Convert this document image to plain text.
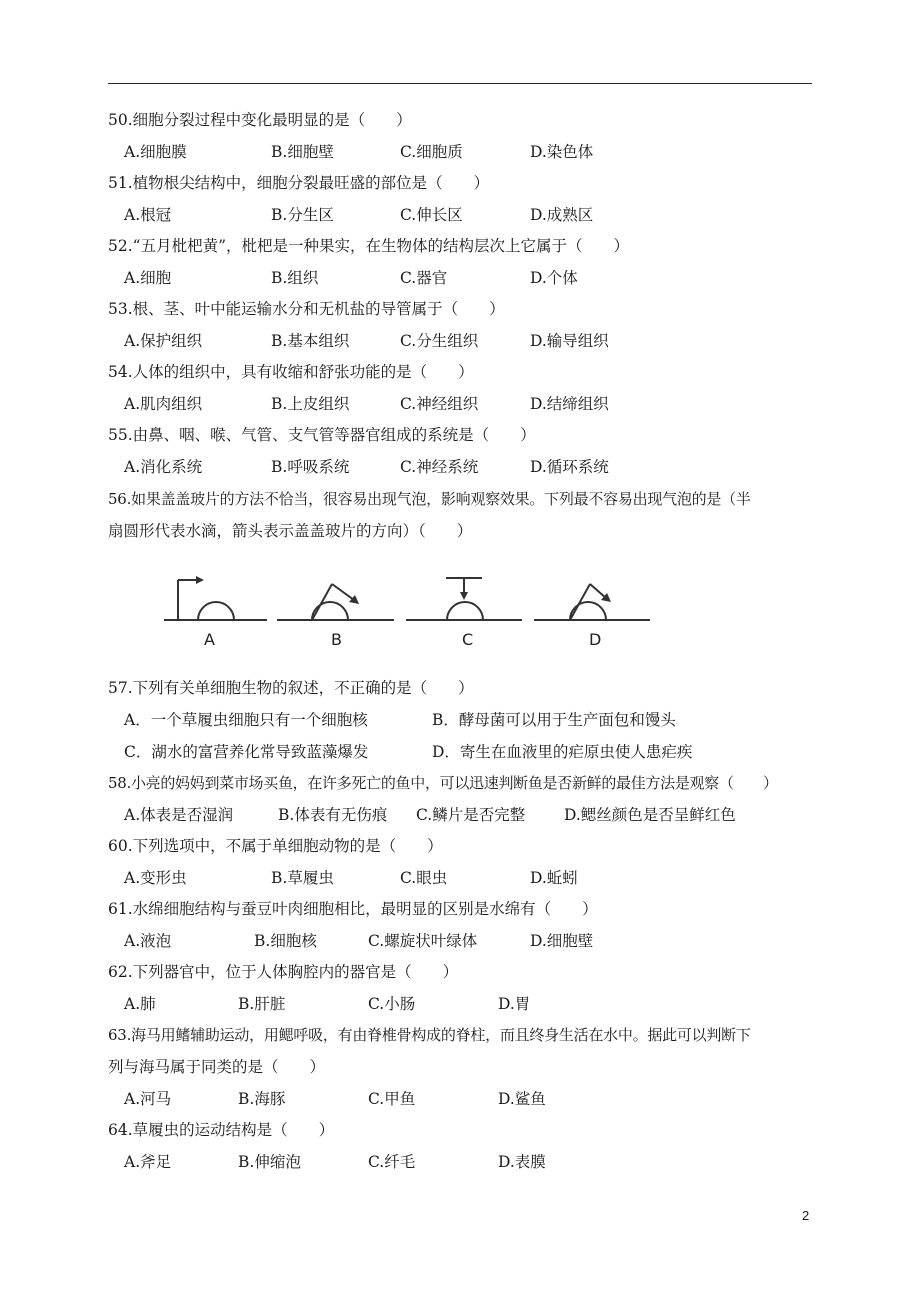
50.细胞分裂过程中变化最明显的是（　　）
A.细胞膜	B.细胞壁	C.细胞质	D.染色体
51.植物根尖结构中，细胞分裂最旺盛的部位是（　　）
A.根冠	B.分生区	C.伸长区	D.成熟区
52.“五月枇杷黄”，枇杷是一种果实，在生物体的结构层次上它属于（　　）
A.细胞	B.组织	C.器官	D.个体
53.根、茎、叶中能运输水分和无机盐的导管属于（　　）
A.保护组织	B.基本组织	C.分生组织	D.输导组织
54.人体的组织中，具有收缩和舒张功能的是（　　）
A.肌肉组织	B.上皮组织	C.神经组织	D.结缔组织
55.由鼻、咽、喉、气管、支气管等器官组成的系统是（　　）
A.消化系统	B.呼吸系统	C.神经系统	D.循环系统
56.如果盖盖玻片的方法不恰当，很容易出现气泡，影响观察效果。下列最不容易出现气泡的是（半
扇圆形代表水滴，箭头表示盖盖玻片的方向）（　　）
A	B	C	D
57.下列有关单细胞生物的叙述，不正确的是（　　）
A．一个草履虫细胞只有一个细胞核	B．酵母菌可以用于生产面包和馒头
C．湖水的富营养化常导致蓝藻爆发	D．寄生在血液里的疟原虫使人患疟疾
58.小亮的妈妈到菜市场买鱼，在许多死亡的鱼中，可以迅速判断鱼是否新鲜的最佳方法是观察（　　）
A.体表是否湿润	B.体表有无伤痕 C.鳞片是否完整	D.鳃丝颜色是否呈鲜红色
60.下列选项中，不属于单细胞动物的是（　　）
A.变形虫	B.草履虫	C.眼虫	D.蚯蚓
61.水绵细胞结构与蚕豆叶肉细胞相比，最明显的区别是水绵有（　　）
A.液泡	B.细胞核	C.螺旋状叶绿体	D.细胞壁
62.下列器官中，位于人体胸腔内的器官是（　　）
A.肺	B.肝脏	C.小肠	D.胃
63.海马用鳍辅助运动，用鳃呼吸，有由脊椎骨构成的脊柱，而且终身生活在水中。据此可以判断下
列与海马属于同类的是（　　）
A.河马	B.海豚	C.甲鱼	D.鲨鱼
64.草履虫的运动结构是（　　）
A.斧足	B.伸缩泡	C.纤毛	D.表膜
2
